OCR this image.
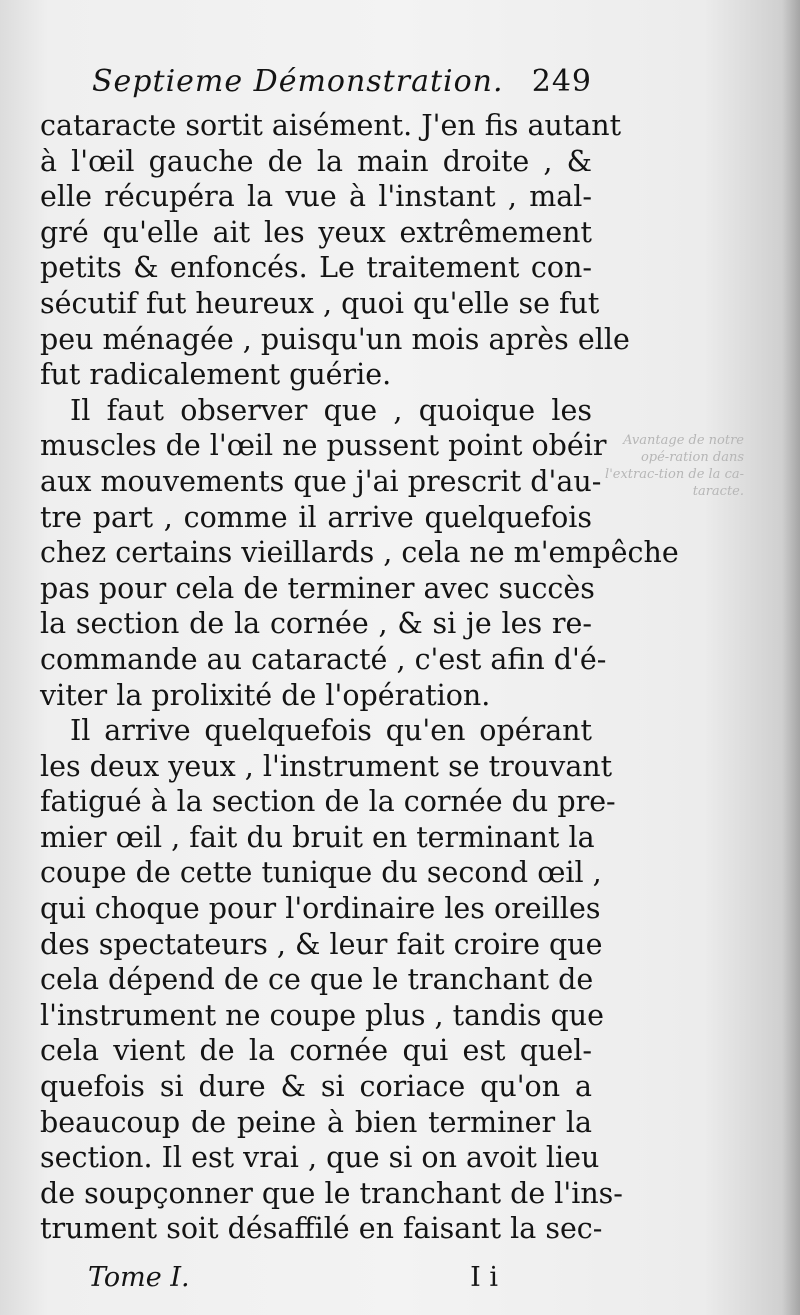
Septieme Démonstration. 249
cataracte sortit aisément. J'en fis autant
à l'œil gauche de la main droite , &
elle récupéra la vue à l'instant , mal-
gré qu'elle ait les yeux extrêmement
petits & enfoncés. Le traitement con-
sécutif fut heureux , quoi qu'elle se fut
peu ménagée , puisqu'un mois après elle
fut radicalement guérie.
Il faut observer que , quoique les
muscles de l'œil ne pussent point obéir
aux mouvements que j'ai prescrit d'au-
tre part , comme il arrive quelquefois
chez certains vieillards , cela ne m'empêche
pas pour cela de terminer avec succès
la section de la cornée , & si je les re-
commande au cataracté , c'est afin d'é-
viter la prolixité de l'opération.
Il arrive quelquefois qu'en opérant
les deux yeux , l'instrument se trouvant
fatigué à la section de la cornée du pre-
mier œil , fait du bruit en terminant la
coupe de cette tunique du second œil ,
qui choque pour l'ordinaire les oreilles
des spectateurs , & leur fait croire que
cela dépend de ce que le tranchant de
l'instrument ne coupe plus , tandis que
cela vient de la cornée qui est quel-
quefois si dure & si coriace qu'on a
beaucoup de peine à bien terminer la
section. Il est vrai , que si on avoit lieu
de soupçonner que le tranchant de l'ins-
trument soit désaffilé en faisant la sec-
Avantage de notre opé-ration dans l'extrac-tion de la ca-taracte.
Tome I.	I i
